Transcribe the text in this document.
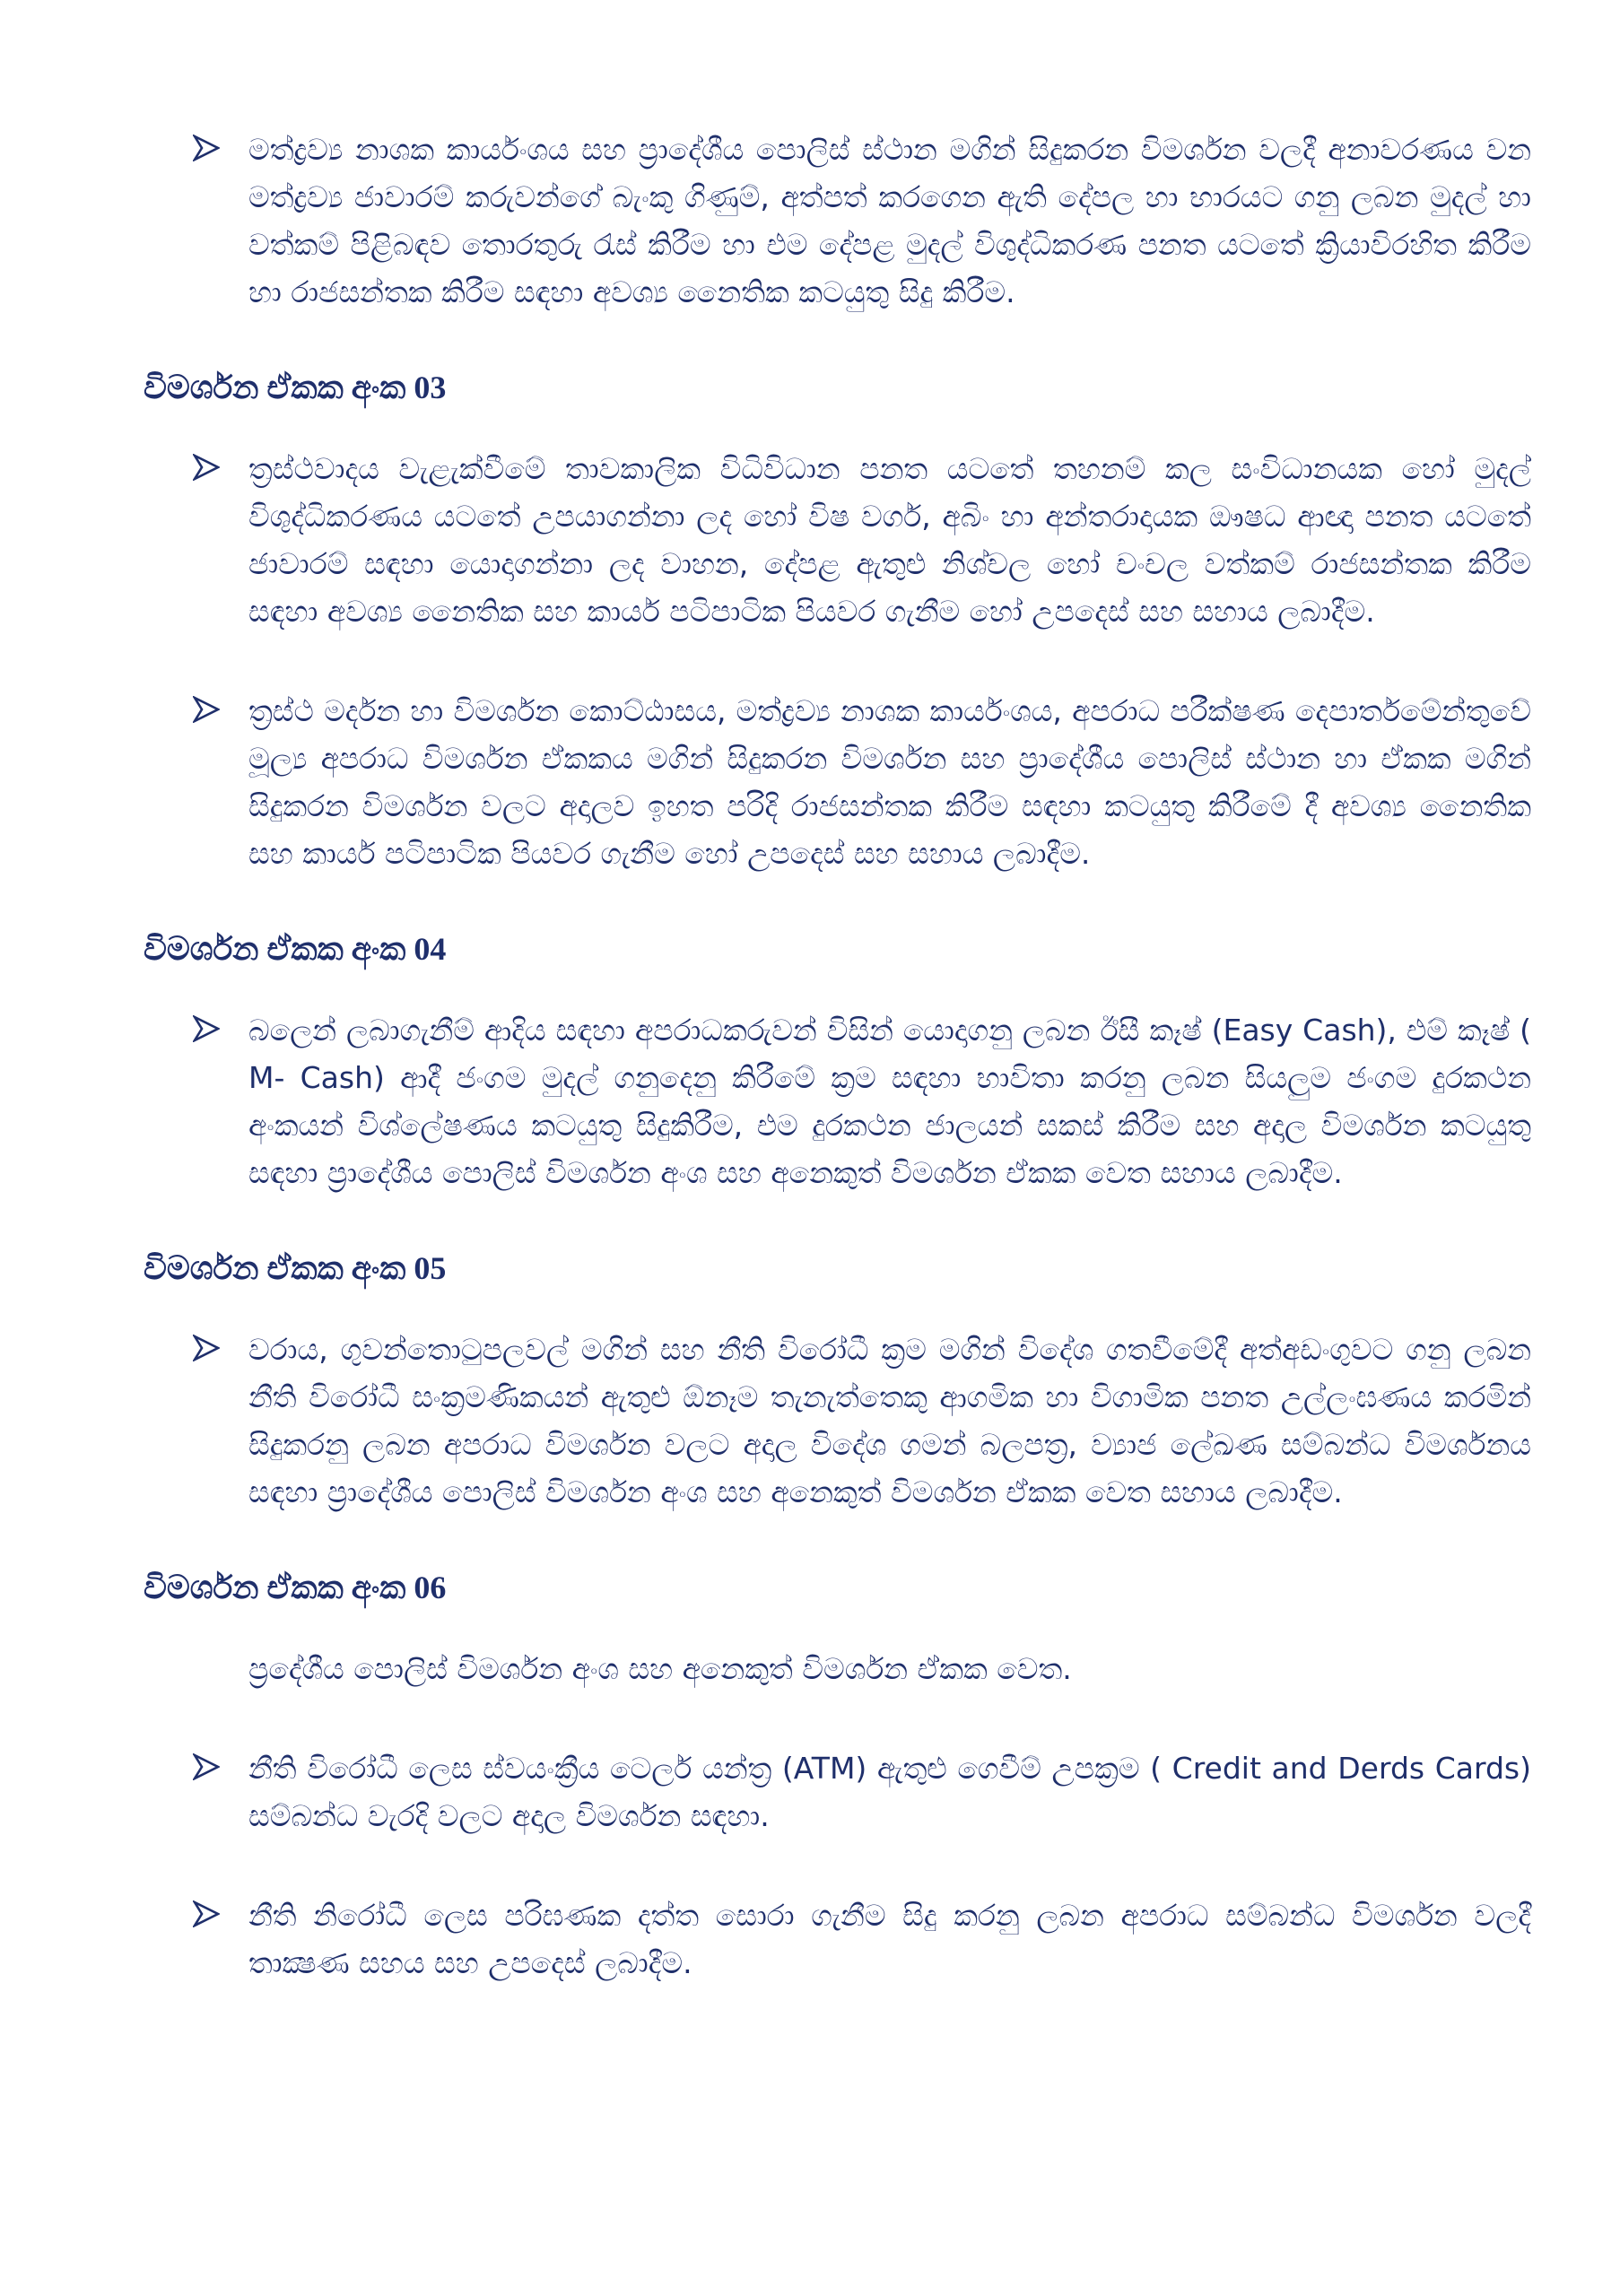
මත්ද්‍රව්‍ය නාශක කාර්යංශය සහ ප්‍රාදේශීය පොලිස් ස්ථාන මගින් සිදුකරන විමර්ශන වලදී අනාවරණය වන මත්ද්‍රව්‍ය ජාවාරම් කරුවන්ගේ බැංකු ගිණුම්, අත්පත් කරගෙන ඇති දේපල හා භාරයට ගනු ලබන මුදල් හා වත්කම් පිළිබඳව තොරතුරු රැස් කිරීම හා එම දේපළ මුදල් විශුද්ධිකරණ පනත යටතේ ක්‍රියාවිරහිත කිරීම හා රාජසන්තක කිරීම සඳහා අවශ්‍ය නෛතික කටයුතු සිදු කිරීම.
විමර්ශන ඒකක අංක 03
ත්‍රස්ථවාදය වැළැක්වීමේ තාවකාලික විධිවිධාන පනත යටතේ තහනම් කල සංවිධානයක හෝ මුදල් විශුද්ධිකරණය යටතේ උපයාගන්නා ලද හෝ විෂ වර්ග, අබිං හා අන්තරාදායක ඖෂධ ආඥා පනත යටතේ ජාවාරම් සඳහා යොදාගන්නා ලද වාහන, දේපළ ඇතුළු නිශ්චල හෝ චංචල වත්කම් රාජසන්තක කිරීම සඳහා අවශ්‍ය නෛතික සහ කාර්ය පටිපාටික පියවර ගැනීම හෝ උපදෙස් සහ සහාය ලබාදීම.
ත්‍රස්ථ මර්දන හා විමර්ශන කොට්ඨාසය, මත්ද්‍රව්‍ය නාශක කාර්යංශය, අපරාධ පරීක්ෂණ දෙපාර්තමේන්තුවේ මූල්‍ය අපරාධ විමර්ශන ඒකකය මගින් සිදුකරන විමර්ශන සහ ප්‍රාදේශීය පොලිස් ස්ථාන හා ඒකක මගින් සිදුකරන විමර්ශන වලට අදාලව ඉහත පරිදි රාජසන්තක කිරීම සඳහා කටයුතු කිරීමේ දී අවශ්‍ය නෛතික සහ කාර්ය පටිපාටික පියවර ගැනීම හෝ උපදෙස් සහ සහාය ලබාදීම.
විමර්ශන ඒකක අංක 04
බලෙන් ලබාගැනීම් ආදිය සඳහා අපරාධකරුවන් විසින් යොදාගනු ලබන ඊසී කෑෂ් (Easy Cash), එම් කෑෂ් ( M- Cash) ආදී ජංගම මුදල් ගනුදෙනු කිරීමේ ක්‍රම සඳහා භාවිතා කරනු ලබන සියලුම ජංගම දුරකථන අංකයන් විශ්ලේෂණය කටයුතු සිදුකිරීම, එම දුරකථන ජාලයන් සකස් කිරීම සහ අදාල විමර්ශන කටයුතු සඳහා ප්‍රාදේශීය පොලිස් විමර්ශන අංශ සහ අනෙකුත් විමර්ශන ඒකක වෙත සහාය ලබාදීම.
විමර්ශන ඒකක අංක 05
වරාය, ගුවන්තොටුපලවල් මගින් සහ නීති විරෝධී ක්‍රම මගින් විදේශ ගතවීමේදී අත්අඩංගුවට ගනු ලබන නීති විරෝධී සංක්‍රමණිකයන් ඇතුළු ඕනෑම තැනැත්තෙකු ආගමික හා විගාමික පනත උල්ලංඝණය කරමින් සිදුකරනු ලබන අපරාධ විමර්ශන වලට අදාල විදේශ ගමන් බලපත්‍ර, ව්‍යාජ ලේඛණ සම්බන්ධ විමර්ශනය සඳහා ප්‍රාදේශීය පොලිස් විමර්ශන අංශ සහ අනෙකුත් විමර්ශන ඒකක වෙත සහාය ලබාදීම.
විමර්ශන ඒකක අංක 06
ප්‍රදේශීය පොලිස් විමර්ශන අංශ සහ අනෙකුත් විමර්ශන ඒකක වෙත.
නීති විරෝධී ලෙස ස්වයංක්‍රීය ටෙලර් යන්ත්‍ර (ATM) ඇතුළු ගෙවීම් උපක්‍රම ( Credit and Derds Cards) සම්බන්ධ වැරදි වලට අදාල විමර්ශන සඳහා.
නීති නිරෝධී ලෙස පරිඝණක දත්ත සොරා ගැනීම සිදු කරනු ලබන අපරාධ සම්බන්ධ විමර්ශන වලදී තාක්‍ෂණ සහය සහ උපදෙස් ලබාදීම.
